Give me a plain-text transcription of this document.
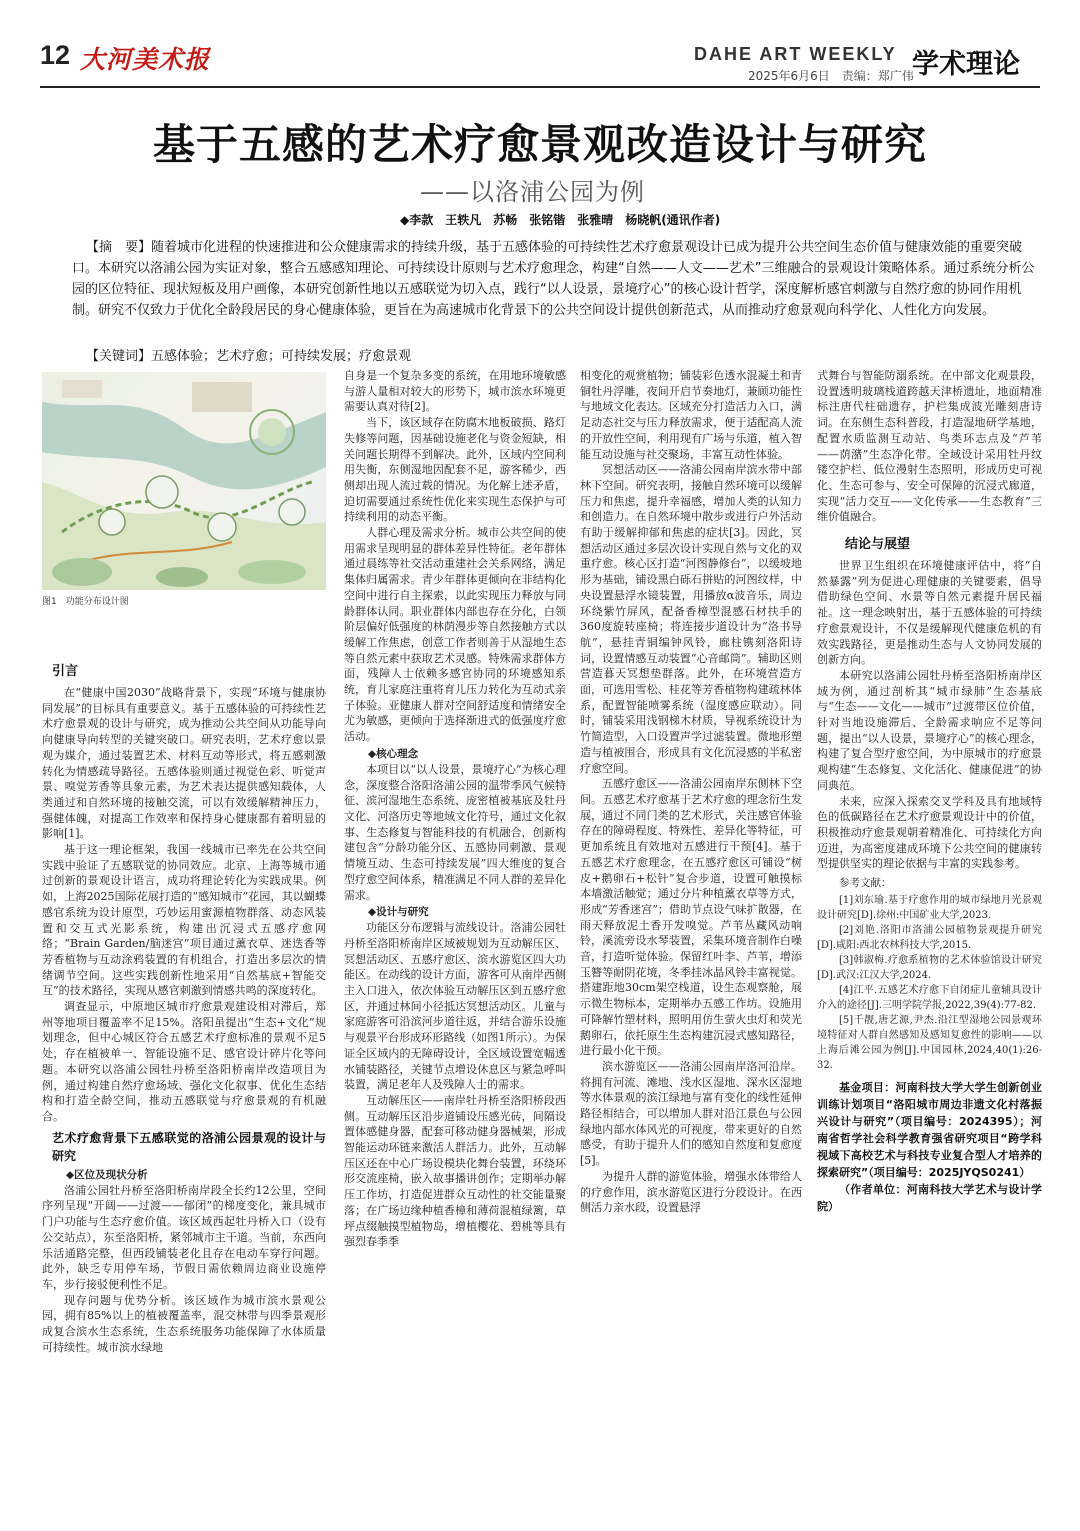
12 大河美术报	DAHE ART WEEKLY
2025年6月6日　责编：郑广伟
学术理论
基于五感的艺术疗愈景观改造设计与研究
——以洛浦公园为例
◆李款　王轶凡　苏畅　张铭锴　张雅晴　杨晓帆(通讯作者)
【摘　要】随着城市化进程的快速推进和公众健康需求的持续升级，基于五感体验的可持续性艺术疗愈景观设计已成为提升公共空间生态价值与健康效能的重要突破口。本研究以洛浦公园为实证对象，整合五感感知理论、可持续设计原则与艺术疗愈理念，构建“自然——人文——艺术”三维融合的景观设计策略体系。通过系统分析公园的区位特征、现状短板及用户画像，本研究创新性地以五感联觉为切入点，践行“以人设景，景境疗心”的核心设计哲学，深度解析感官刺激与自然疗愈的协同作用机制。研究不仅致力于优化全龄段居民的身心健康体验，更旨在为高速城市化背景下的公共空间设计提供创新范式，从而推动疗愈景观向科学化、人性化方向发展。
【关键词】五感体验；艺术疗愈；可持续发展；疗愈景观
图1　功能分布设计图
引言

在“健康中国2030”战略背景下，实现“环境与健康协同发展”的目标具有重要意义。基于五感体验的可持续性艺术疗愈景观的设计与研究，成为推动公共空间从功能导向向健康导向转型的关键突破口。研究表明，艺术疗愈以景观为媒介，通过装置艺术、材料互动等形式，将五感刺激转化为情感疏导路径。五感体验则通过视觉色彩、听觉声景、嗅觉芳香等具象元素，为艺术表达提供感知载体，人类通过和自然环境的接触交流，可以有效缓解精神压力，强健体魄，对提高工作效率和保持身心健康都有着明显的影响[1]。

基于这一理论框架，我国一线城市已率先在公共空间实践中验证了五感联觉的协同效应。北京、上海等城市通过创新的景观设计语言，成功将理论转化为实践成果。例如，上海2025国际花展打造的“感知城市”花园，其以蝴蝶感官系统为设计原型，巧妙运用蜜源植物群落、动态风装置和交互式光影系统，构建出沉浸式五感疗愈网络；“Brain Garden/脑迷宫”项目通过薰衣草、迷迭香等芳香植物与互动涂鸦装置的有机组合，打造出多层次的情绪调节空间。这些实践创新性地采用“自然基底+智能交互”的技术路径，实现从感官刺激到情感共鸣的深度转化。

调查显示，中原地区城市疗愈景观建设相对滞后，郑州等地项目覆盖率不足15%。洛阳虽提出“生态+文化”规划理念，但中心城区符合五感艺术疗愈标准的景观不足5处，存在植被单一、智能设施不足、感官设计碎片化等问题。本研究以洛浦公园牡丹桥至洛阳桥南岸改造项目为例，通过构建自然疗愈场域、强化文化叙事、优化生态结构和打造全龄空间，推动五感联觉与疗愈景观的有机融合。

艺术疗愈背景下五感联觉的洛浦公园景观的设计与研究
◆区位及现状分析

洛浦公园牡丹桥至洛阳桥南岸段全长约12公里，空间序列呈现“开阔——过渡——郁闭”的梯度变化，兼具城市门户功能与生态疗愈价值。该区域西起牡丹桥入口（设有公交站点），东至洛阳桥，紧邻城市主干道。当前，东西向乐活通路完整，但西段铺装老化且存在电动车穿行问题。此外，缺乏专用停车场，节假日需依赖周边商业设施停车，步行接驳便利性不足。

现存问题与优势分析。该区域作为城市滨水景观公园，拥有85%以上的植被覆盖率，混交林带与四季景观形成复合滨水生态系统，生态系统服务功能保障了水体质量可持续性。城市滨水绿地

自身是一个复杂多变的系统，在用地环境敏感与游人量相对较大的形势下，城市滨水环境更需要认真对待[2]。

当下，该区域存在防腐木地板破损、路灯失修等问题，因基础设施老化与资金短缺，相关问题长期得不到解决。此外，区域内空间利用失衡，东侧湿地因配套不足，游客稀少，西侧却出现人流过载的情况。为化解上述矛盾，迫切需要通过系统性优化来实现生态保护与可持续利用的动态平衡。

人群心理及需求分析。城市公共空间的使用需求呈现明显的群体差异性特征。老年群体通过晨练等社交活动重建社会关系网络，满足集体归属需求。青少年群体更倾向在非结构化空间中进行自主探索，以此实现压力释放与同龄群体认同。职业群体内部也存在分化，白领阶层偏好低强度的林荫漫步等自然接触方式以缓解工作焦虑，创意工作者则善于从湿地生态等自然元素中获取艺术灵感。特殊需求群体方面，残障人士依赖多感官协同的环境感知系统，育儿家庭注重将育儿压力转化为互动式亲子体验。亚健康人群对空间舒适度和情绪安全尤为敏感，更倾向于选择渐进式的低强度疗愈活动。

◆核心理念

本项目以“以人设景，景境疗心”为核心理念，深度整合洛阳洛浦公园的温带季风气候特征、滨河湿地生态系统、庞密植被基底及牡丹文化、河洛历史等地域文化符号，通过文化叙事、生态修复与智能科技的有机融合，创新构建包含“分龄功能分区、五感协同刺激、景观情境互动、生态可持续发展”四大维度的复合型疗愈空间体系，精准满足不同人群的差异化需求。

◆设计与研究

功能区分布逻辑与流线设计。洛浦公园牡丹桥至洛阳桥南岸区域被规划为互动解压区、冥想活动区、五感疗愈区、滨水游览区四大功能区。在动线的设计方面，游客可从南岸西侧主入口进入，依次体验互动解压区到五感疗愈区，并通过林间小径抵达冥想活动区。儿童与家庭游客可沿滨河步道往返，并结合游乐设施与观景平台形成环形路线（如图1所示）。为保证全区域内的无障碍设计，全区域设置宽幅透水铺装路径，关键节点增设休息区与紧急呼叫装置，满足老年人及残障人士的需求。

互动解压区——南岸牡丹桥至洛阳桥段西侧。互动解压区沿步道铺设压感光砖，间隔设置体感健身器，配套可移动健身器械架，形成智能运动环链来激活人群活力。此外，互动解压区还在中心广场设模块化舞台装置，环绕环形交流座椅，嵌入故事播讲创作；定期举办解压工作坊，打造促进群众互动性的社交能量聚落；在广场边缘种植香樟和薄荷混植绿篱，草坪点缀触摸型植物岛，增植樱花、碧桃等具有强烈春季季

相变化的观赏植物；铺装彩色透水混凝土和青铜牡丹浮雕，夜间开启节奏地灯，兼顾功能性与地域文化表达。区域充分打造活力入口，满足动态社交与压力释放需求，便于适配高人流的开放性空间，利用现有广场与乐道，植入智能互动设施与社交聚场，丰富互动性体验。

冥想活动区——洛浦公园南岸滨水带中部林下空间。研究表明，接触自然环境可以缓解压力和焦虑，提升幸福感，增加人类的认知力和创造力。在自然环境中散步或进行户外活动有助于缓解抑郁和焦虑的症状[3]。因此，冥想活动区通过多层次设计实现自然与文化的双重疗愈。核心区打造“河图静修台”，以缓坡地形为基础，铺设黑白砾石拼贴的河图纹样，中央设置悬浮水镜装置，用播放α波音乐，周边环绕紫竹屏风，配备香樟型混感石材扶手的360度旋转座椅；将连接步道设计为“洛书导航”，悬挂青铜编钟风铃，廊柱镌刻洛阳诗词，设置情感互动装置“心音邮筒”。辅助区则营造暮天冥想垫群落。此外，在环境营造方面，可选用雪松、桂花等芳香植物构建疏林体系，配置智能喷雾系统（湿度感应联动）。同时，铺装采用浅钢梯木材质，导视系统设计为竹简造型，入口设置声学过滤装置。微地形塑造与植被围合，形成具有文化沉浸感的半私密疗愈空间。

五感疗愈区——洛浦公园南岸东侧林下空间。五感艺术疗愈基于艺术疗愈的理念衍生发展，通过不同门类的艺术形式，关注感官体验存在的障碍程度、特殊性、差异化等特征，可更加系统且有效地对五感进行干预[4]。基于五感艺术疗愈理念，在五感疗愈区可铺设“树皮+鹅卵石+松针”复合步道，设置可触摸标本墙激活触觉；通过分片种植薰衣草等方式，形成“芳香迷宫”；借助节点设气味扩散器，在雨天释放泥土香开发嗅觉。芦苇丛藏风动响铃，溪流旁设水琴装置，采集环境音制作白噪音，打造听觉体验。保留红叶李、芦苇，增添玉簪等耐阴花境，冬季挂冰晶风铃丰富视觉。搭建距地30cm架空栈道，设生态观察舱，展示微生物标本，定期举办五感工作坊。设施用可降解竹塑材料，照明用仿生萤火虫灯和荧光鹅卵石，依托原生生态构建沉浸式感知路径，进行最小化干预。

滨水游览区——洛浦公园南岸洛河沿岸。将拥有河流、滩地、浅水区湿地、深水区湿地等水体景观的滨江绿地与富有变化的线性延伸路径相结合，可以增加人群对沿江景色与公园绿地内部水体风光的可视度，带来更好的自然感受，有助于提升人们的感知自然度和复愈度[5]。

为提升人群的游览体验，增强水体带给人的疗愈作用，滨水游览区进行分段设计。在西侧活力亲水段，设置悬浮

式舞台与智能防溺系统。在中部文化观景段，设置透明玻璃栈道跨越天津桥遗址，地面精准标注唐代柱础遗存，护栏集成波光雕刻唐诗词。在东侧生态科普段，打造湿地研学基地，配置水质监测互动站、鸟类环志点及“芦苇——荫潴”生态净化带。全域设计采用牡丹纹镂空护栏、低位漫射生态照明，形成历史可视化、生态可参与、安全可保障的沉浸式廊道，实现“活力交互——文化传承——生态教育”三维价值融合。

结论与展望

世界卫生组织在环境健康评估中，将“自然暴露”列为促进心理健康的关键要素，倡导借助绿色空间、水景等自然元素提升居民福祉。这一理念映射出，基于五感体验的可持续疗愈景观设计，不仅是缓解现代健康危机的有效实践路径，更是推动生态与人文协同发展的创新方向。

本研究以洛浦公园牡丹桥至洛阳桥南岸区域为例，通过剖析其“城市绿肺”生态基底与“生态——文化——城市”过渡带区位价值，针对当地设施滞后、全龄需求响应不足等问题，提出“以人设景，景境疗心”的核心理念，构建了复合型疗愈空间，为中原城市的疗愈景观构建“生态修复、文化活化、健康促进”的协同典范。

未来，应深入探索交叉学科及具有地域特色的低碳路径在艺术疗愈景观设计中的价值，积极推动疗愈景观朝着精准化、可持续化方向迈进，为高密度建成环境下公共空间的健康转型提供坚实的理论依据与丰富的实践参考。

参考文献：

[1]刘东瑜.基于疗愈作用的城市绿地月光景观设计研究[D].徐州:中国矿业大学,2023.

[2]刘艳.洛阳市洛浦公园植物景观提升研究[D].咸阳:西北农林科技大学,2015.

[3]韩淑梅.疗愈系植物的艺术体验馆设计研究[D].武汉:江汉大学,2024.

[4]江平.五感艺术疗愈下自闭症儿童辅具设计介入的途径[J].三明学院学报,2022,39(4):77-82.

[5]千靓,唐艺源,尹杰.沿江型湿地公园景观环境特征对人群自然感知及感知复愈性的影响——以上海后滩公园为例[J].中国园林,2024,40(1):26-32.

基金项目：河南科技大学大学生创新创业训练计划项目“洛阳城市周边非遗文化村落振兴设计与研究”（项目编号：2024395）；河南省哲学社会科学教育强省研究项目“跨学科视域下高校艺术与科技专业复合型人才培养的探索研究”（项目编号：2025JYQS0241）
（作者单位：河南科技大学艺术与设计学院）
